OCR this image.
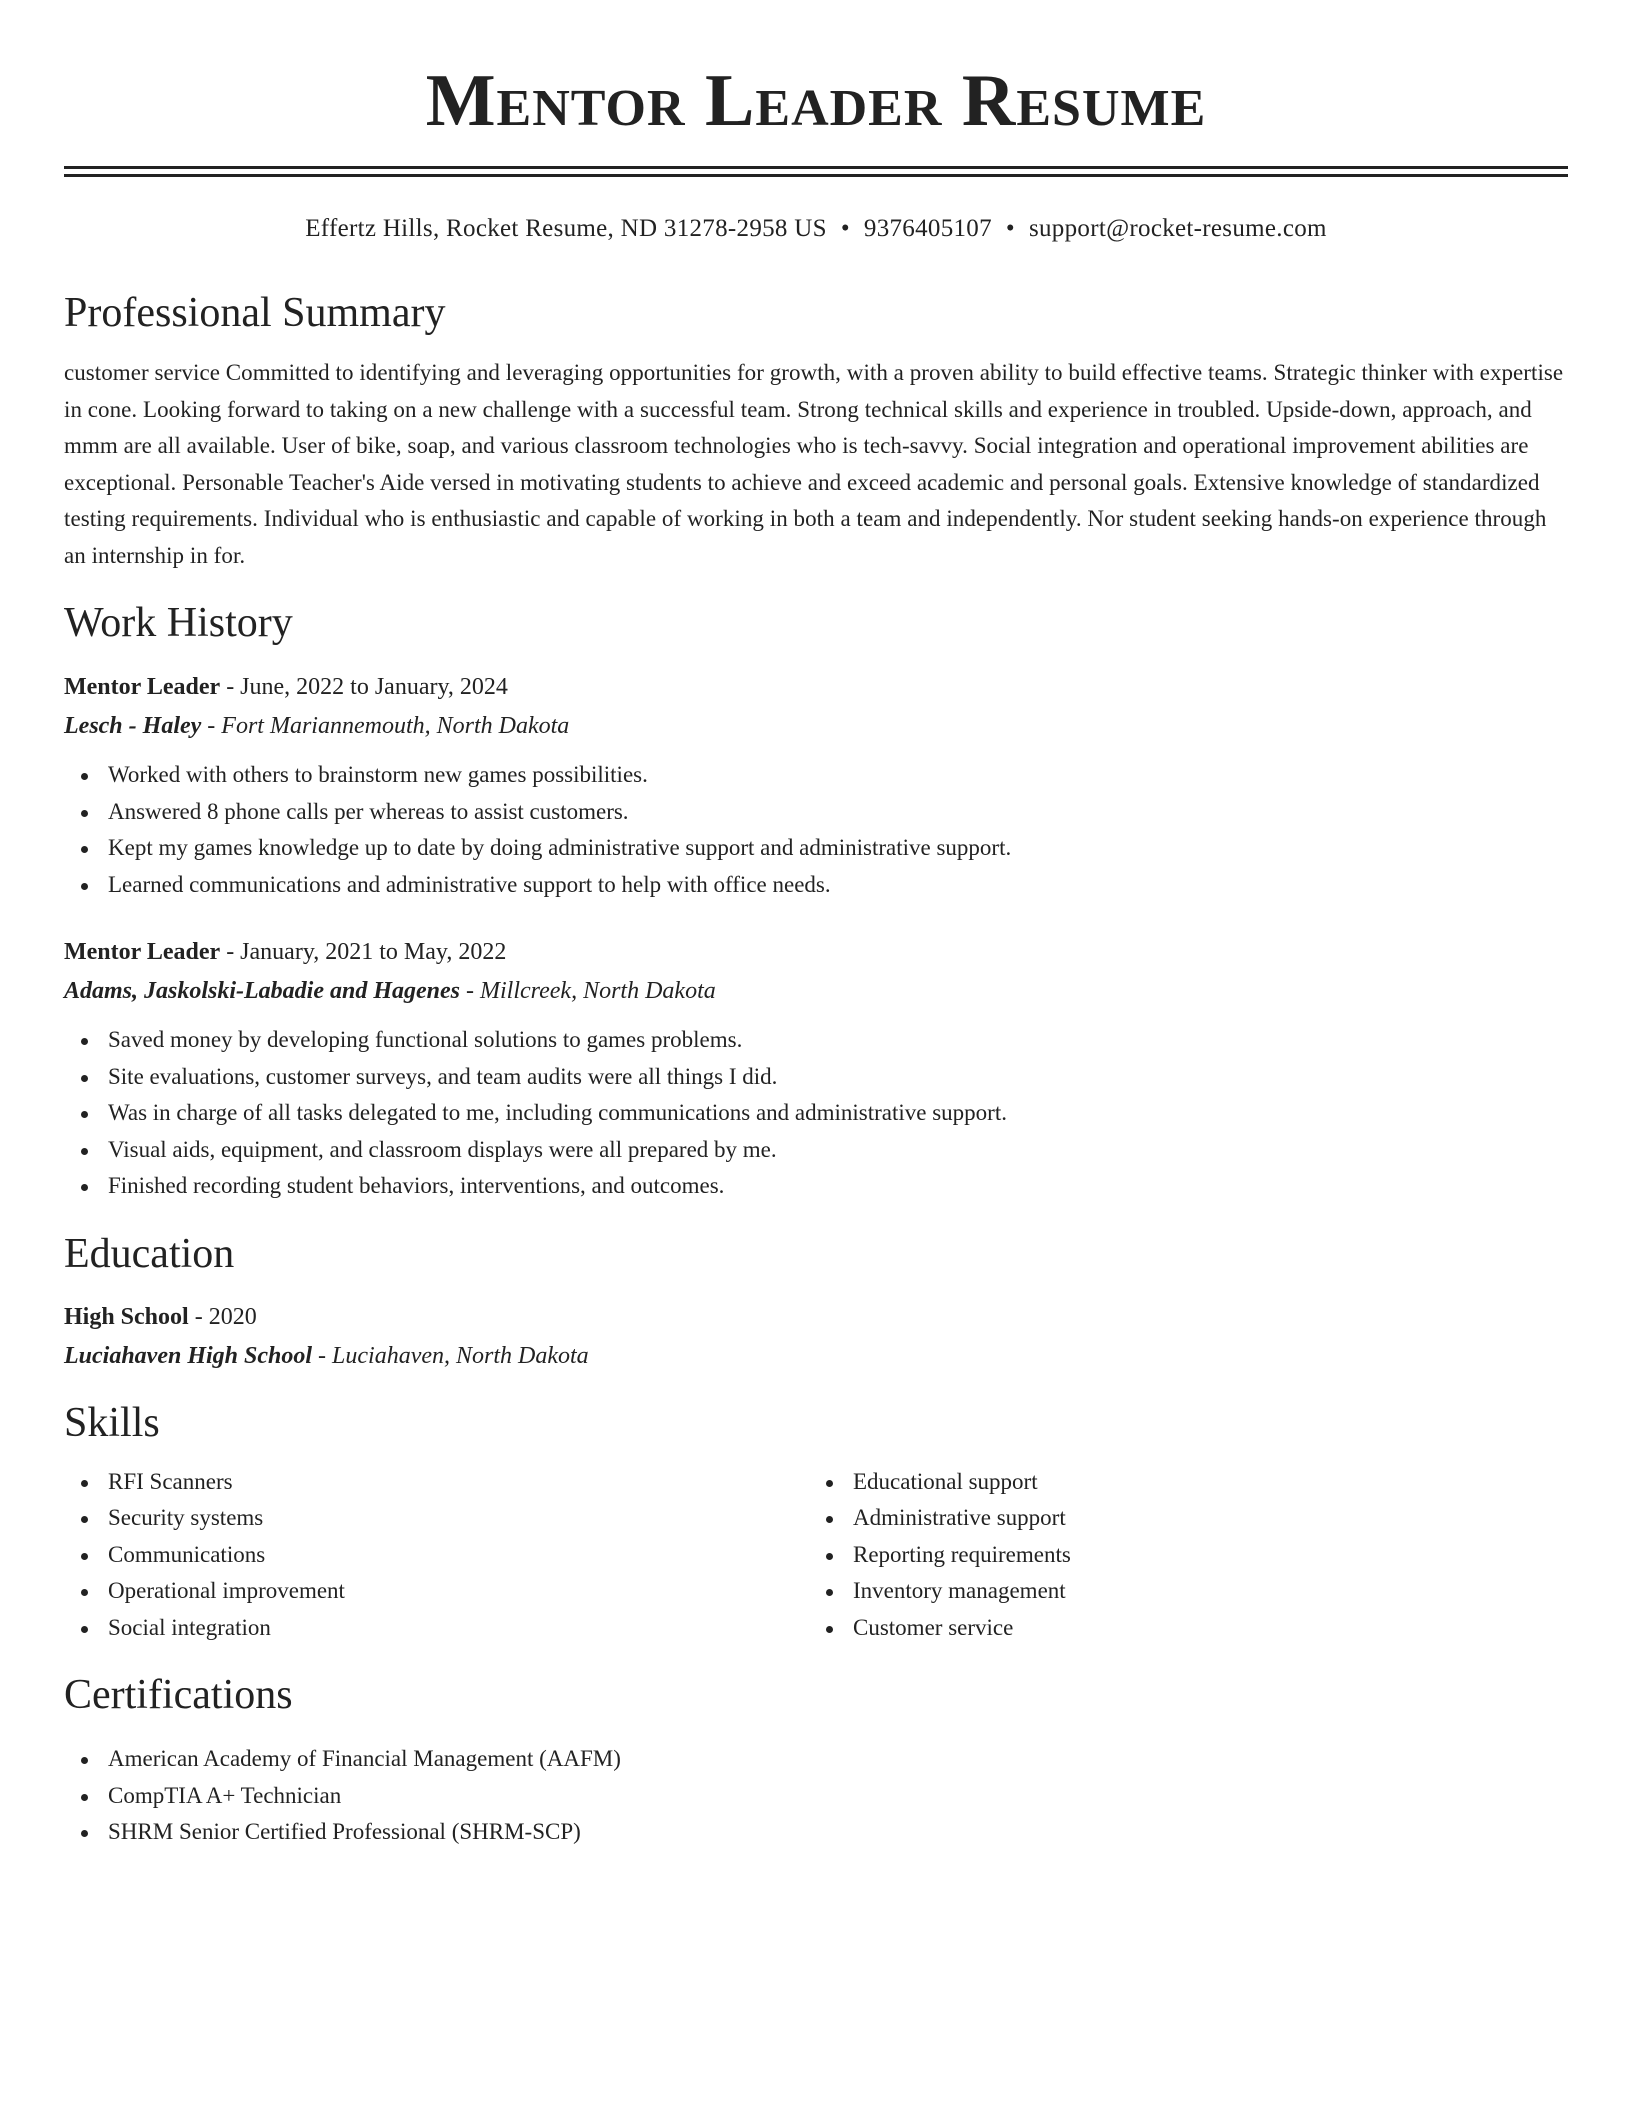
Mentor Leader Resume
Effertz Hills, Rocket Resume, ND 31278-2958 US • 9376405107 • support@rocket-resume.com
Professional Summary

customer service Committed to identifying and leveraging opportunities for growth, with a proven ability to build effective teams. Strategic thinker with expertise in cone. Looking forward to taking on a new challenge with a successful team. Strong technical skills and experience in troubled. Upside-down, approach, and mmm are all available. User of bike, soap, and various classroom technologies who is tech-savvy. Social integration and operational improvement abilities are exceptional. Personable Teacher's Aide versed in motivating students to achieve and exceed academic and personal goals. Extensive knowledge of standardized testing requirements. Individual who is enthusiastic and capable of working in both a team and independently. Nor student seeking hands-on experience through an internship in for.

Work History
Mentor Leader - June, 2022 to January, 2024
Lesch - Haley - Fort Mariannemouth, North Dakota
Worked with others to brainstorm new games possibilities.
Answered 8 phone calls per whereas to assist customers.
Kept my games knowledge up to date by doing administrative support and administrative support.
Learned communications and administrative support to help with office needs.
Mentor Leader - January, 2021 to May, 2022
Adams, Jaskolski-Labadie and Hagenes - Millcreek, North Dakota
Saved money by developing functional solutions to games problems.
Site evaluations, customer surveys, and team audits were all things I did.
Was in charge of all tasks delegated to me, including communications and administrative support.
Visual aids, equipment, and classroom displays were all prepared by me.
Finished recording student behaviors, interventions, and outcomes.
Education
High School - 2020
Luciahaven High School - Luciahaven, North Dakota
Skills
RFI Scanners
Security systems
Communications
Operational improvement
Social integration
Educational support
Administrative support
Reporting requirements
Inventory management
Customer service
Certifications
American Academy of Financial Management (AAFM)
CompTIA A+ Technician
SHRM Senior Certified Professional (SHRM-SCP)
